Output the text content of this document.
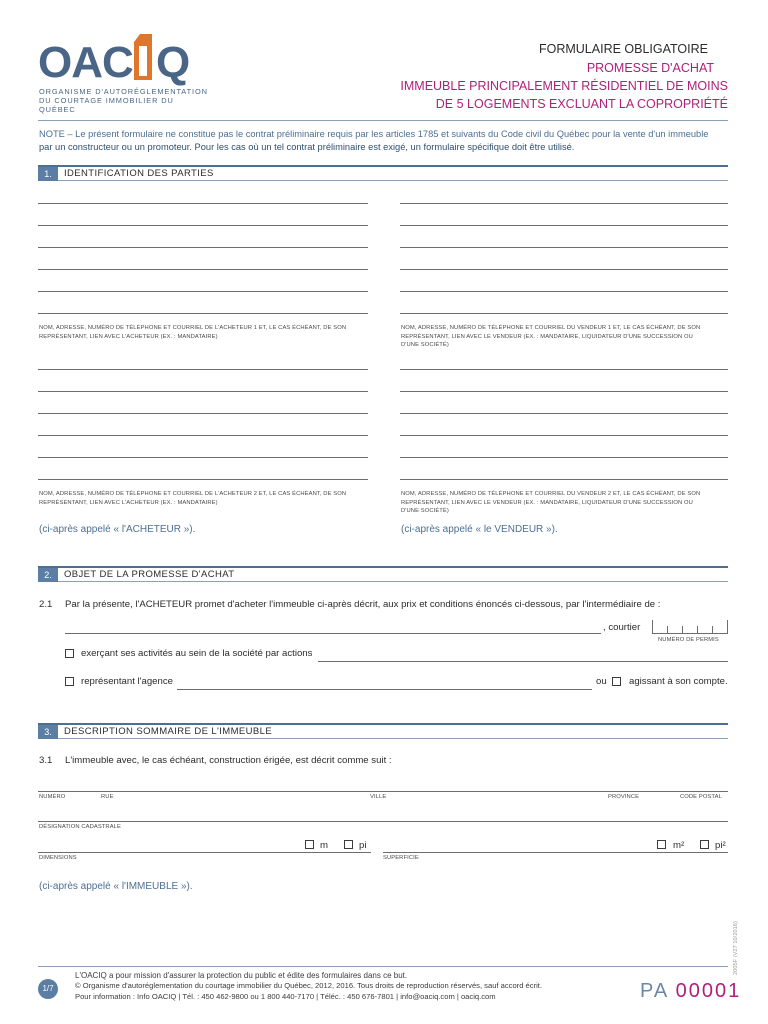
OAC Q
ORGANISME D'AUTORÉGLEMENTATION
DU COURTAGE IMMOBILIER DU QUÉBEC
FORMULAIRE OBLIGATOIRE
PROMESSE D'ACHAT
IMMEUBLE PRINCIPALEMENT RÉSIDENTIEL DE MOINS
DE 5 LOGEMENTS EXCLUANT LA COPROPRIÉTÉ
NOTE – Le présent formulaire ne constitue pas le contrat préliminaire requis par les articles 1785 et suivants du Code civil du Québec pour la vente d'un immeuble
par un constructeur ou un promoteur. Pour les cas où un tel contrat préliminaire est exigé, un formulaire spécifique doit être utilisé.
1.	IDENTIFICATION DES PARTIES
NOM, ADRESSE, NUMÉRO DE TÉLÉPHONE ET COURRIEL DE L'ACHETEUR 1 ET, LE CAS ÉCHÉANT, DE SON
REPRÉSENTANT, LIEN AVEC L'ACHETEUR (EX. : MANDATAIRE)
NOM, ADRESSE, NUMÉRO DE TÉLÉPHONE ET COURRIEL DU VENDEUR 1 ET, LE CAS ÉCHÉANT, DE SON
REPRÉSENTANT, LIEN AVEC LE VENDEUR (EX. : MANDATAIRE, LIQUIDATEUR D'UNE SUCCESSION OU
D'UNE SOCIÉTÉ)
NOM, ADRESSE, NUMÉRO DE TÉLÉPHONE ET COURRIEL DE L'ACHETEUR 2 ET, LE CAS ÉCHÉANT, DE SON
REPRÉSENTANT, LIEN AVEC L'ACHETEUR (EX. : MANDATAIRE)
NOM, ADRESSE, NUMÉRO DE TÉLÉPHONE ET COURRIEL DU VENDEUR 2 ET, LE CAS ÉCHÉANT, DE SON
REPRÉSENTANT, LIEN AVEC LE VENDEUR (EX. : MANDATAIRE, LIQUIDATEUR D'UNE SUCCESSION OU
D'UNE SOCIÉTÉ)
(ci-après appelé « l'ACHETEUR »).	(ci-après appelé « le VENDEUR »).
2.	OBJET DE LA PROMESSE D'ACHAT
2.1 Par la présente, l'ACHETEUR promet d'acheter l'immeuble ci-après décrit, aux prix et conditions énoncés ci-dessous, par l'intermédiaire de :
, courtier
NUMÉRO DE PERMIS
exerçant ses activités au sein de la société par actions
représentant l'agence	ou agissant à son compte.
3.	DESCRIPTION SOMMAIRE DE L'IMMEUBLE
3.1 L'immeuble avec, le cas échéant, construction érigée, est décrit comme suit :
NUMÉRO	RUE	VILLE	PROVINCE	CODE POSTAL
DÉSIGNATION CADASTRALE
m	pi
DIMENSIONS
m²	pi²
SUPERFICIE
(ci-après appelé « l'IMMEUBLE »).
2005F (V27 10/2016)
1/7
L'OACIQ a pour mission d'assurer la protection du public et édite des formulaires dans ce but.
© Organisme d'autoréglementation du courtage immobilier du Québec, 2012, 2016. Tous droits de reproduction réservés, sauf accord écrit.
Pour information : Info OACIQ | Tél. : 450 462-9800 ou 1 800 440-7170 | Téléc. : 450 676-7801 | info@oaciq.com | oaciq.com	PA 00001
